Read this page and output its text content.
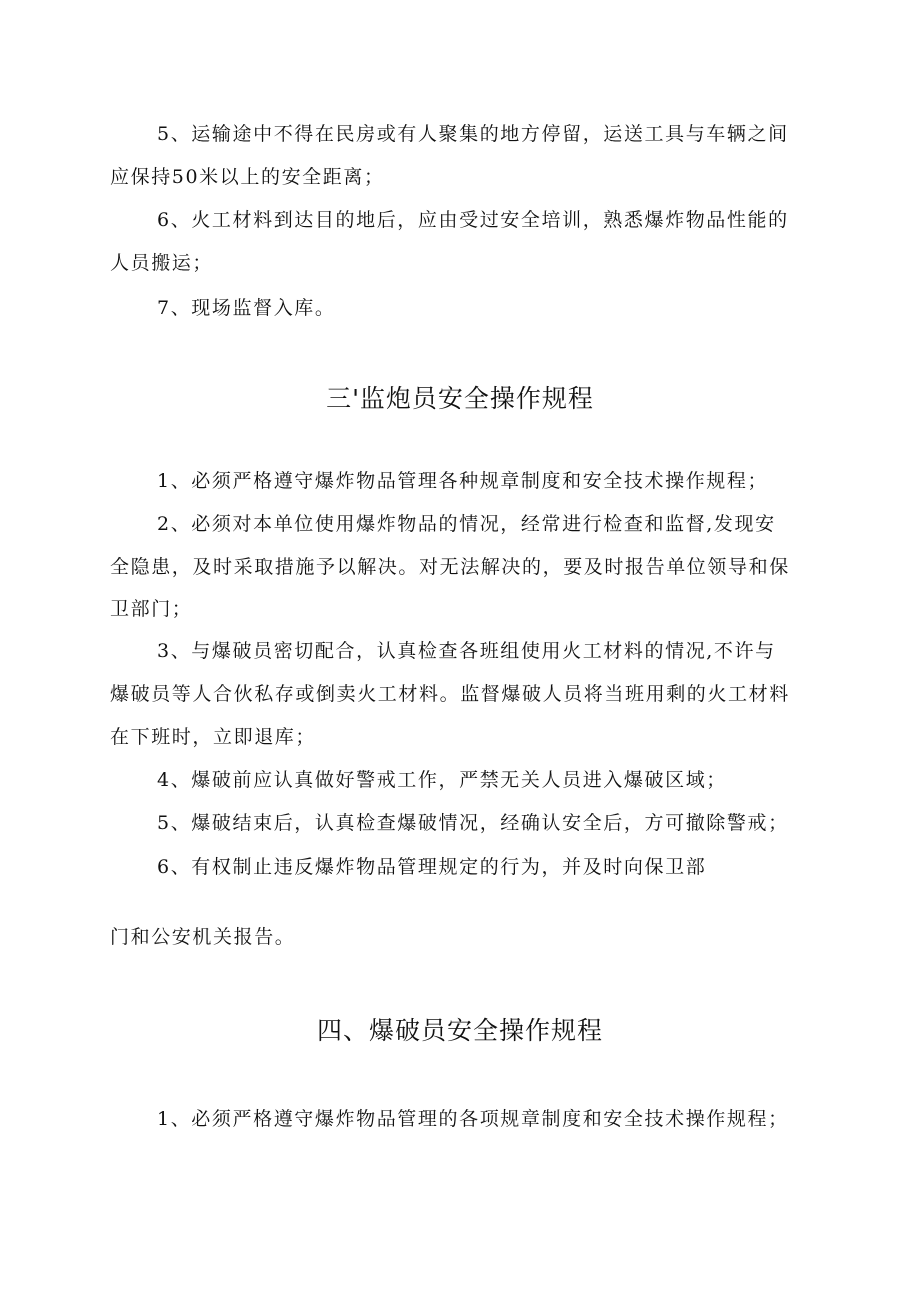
5、运输途中不得在民房或有人聚集的地方停留，运送工具与车辆之间
应保持50米以上的安全距离；
6、火工材料到达目的地后，应由受过安全培训，熟悉爆炸物品性能的
人员搬运；
7、现场监督入库。
三'监炮员安全操作规程
1、必须严格遵守爆炸物品管理各种规章制度和安全技术操作规程；
2、必须对本单位使用爆炸物品的情况，经常进行检查和监督,发现安
全隐患，及时采取措施予以解决。对无法解决的，要及时报告单位领导和保
卫部门；
3、与爆破员密切配合，认真检查各班组使用火工材料的情况,不许与
爆破员等人合伙私存或倒卖火工材料。监督爆破人员将当班用剩的火工材料
在下班时，立即退库；
4、爆破前应认真做好警戒工作，严禁无关人员进入爆破区域；
5、爆破结束后，认真检查爆破情况，经确认安全后，方可撤除警戒；
6、有权制止违反爆炸物品管理规定的行为，并及时向保卫部
门和公安机关报告。
四、爆破员安全操作规程
1、必须严格遵守爆炸物品管理的各项规章制度和安全技术操作规程；
